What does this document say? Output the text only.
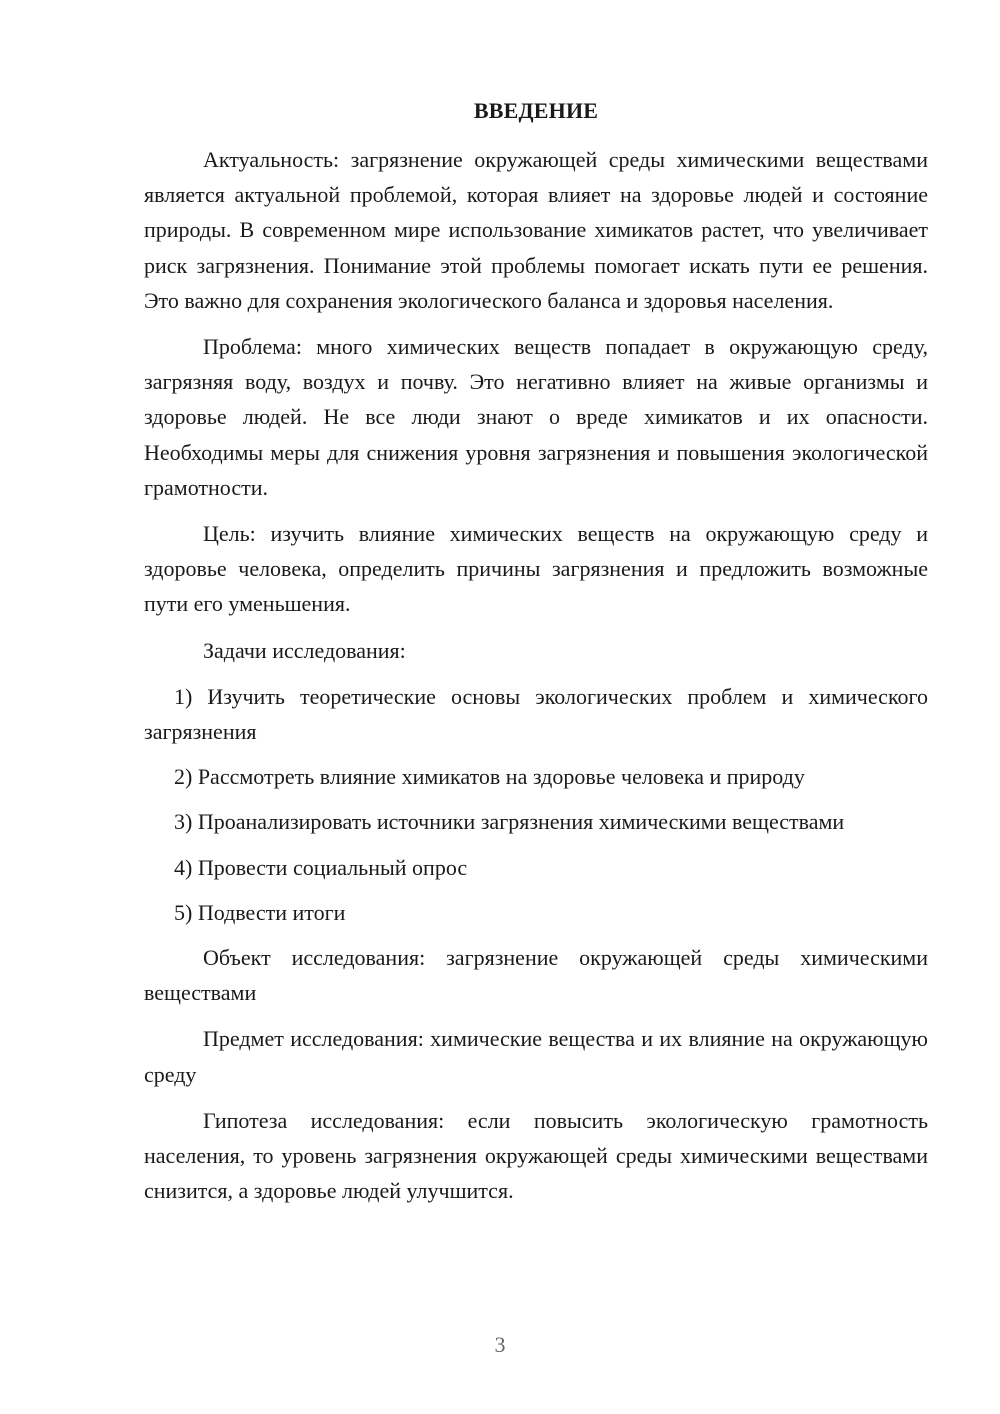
ВВЕДЕНИЕ

Актуальность: загрязнение окружающей среды химическими веществами является актуальной проблемой, которая влияет на здоровье людей и состояние природы. В современном мире использование химикатов растет, что увеличивает риск загрязнения. Понимание этой проблемы помогает искать пути ее решения. Это важно для сохранения экологического баланса и здоровья населения.

Проблема: много химических веществ попадает в окружающую среду, загрязняя воду, воздух и почву. Это негативно влияет на живые организмы и здоровье людей. Не все люди знают о вреде химикатов и их опасности. Необходимы меры для снижения уровня загрязнения и повышения экологической грамотности.

Цель: изучить влияние химических веществ на окружающую среду и здоровье человека, определить причины загрязнения и предложить возможные пути его уменьшения.

Задачи исследования:

1) Изучить теоретические основы экологических проблем и химического загрязнения

2) Рассмотреть влияние химикатов на здоровье человека и природу

3) Проанализировать источники загрязнения химическими веществами

4) Провести социальный опрос

5) Подвести итоги

Объект исследования: загрязнение окружающей среды химическими веществами

Предмет исследования: химические вещества и их влияние на окружающую среду

Гипотеза исследования: если повысить экологическую грамотность населения, то уровень загрязнения окружающей среды химическими веществами снизится, а здоровье людей улучшится.

3
